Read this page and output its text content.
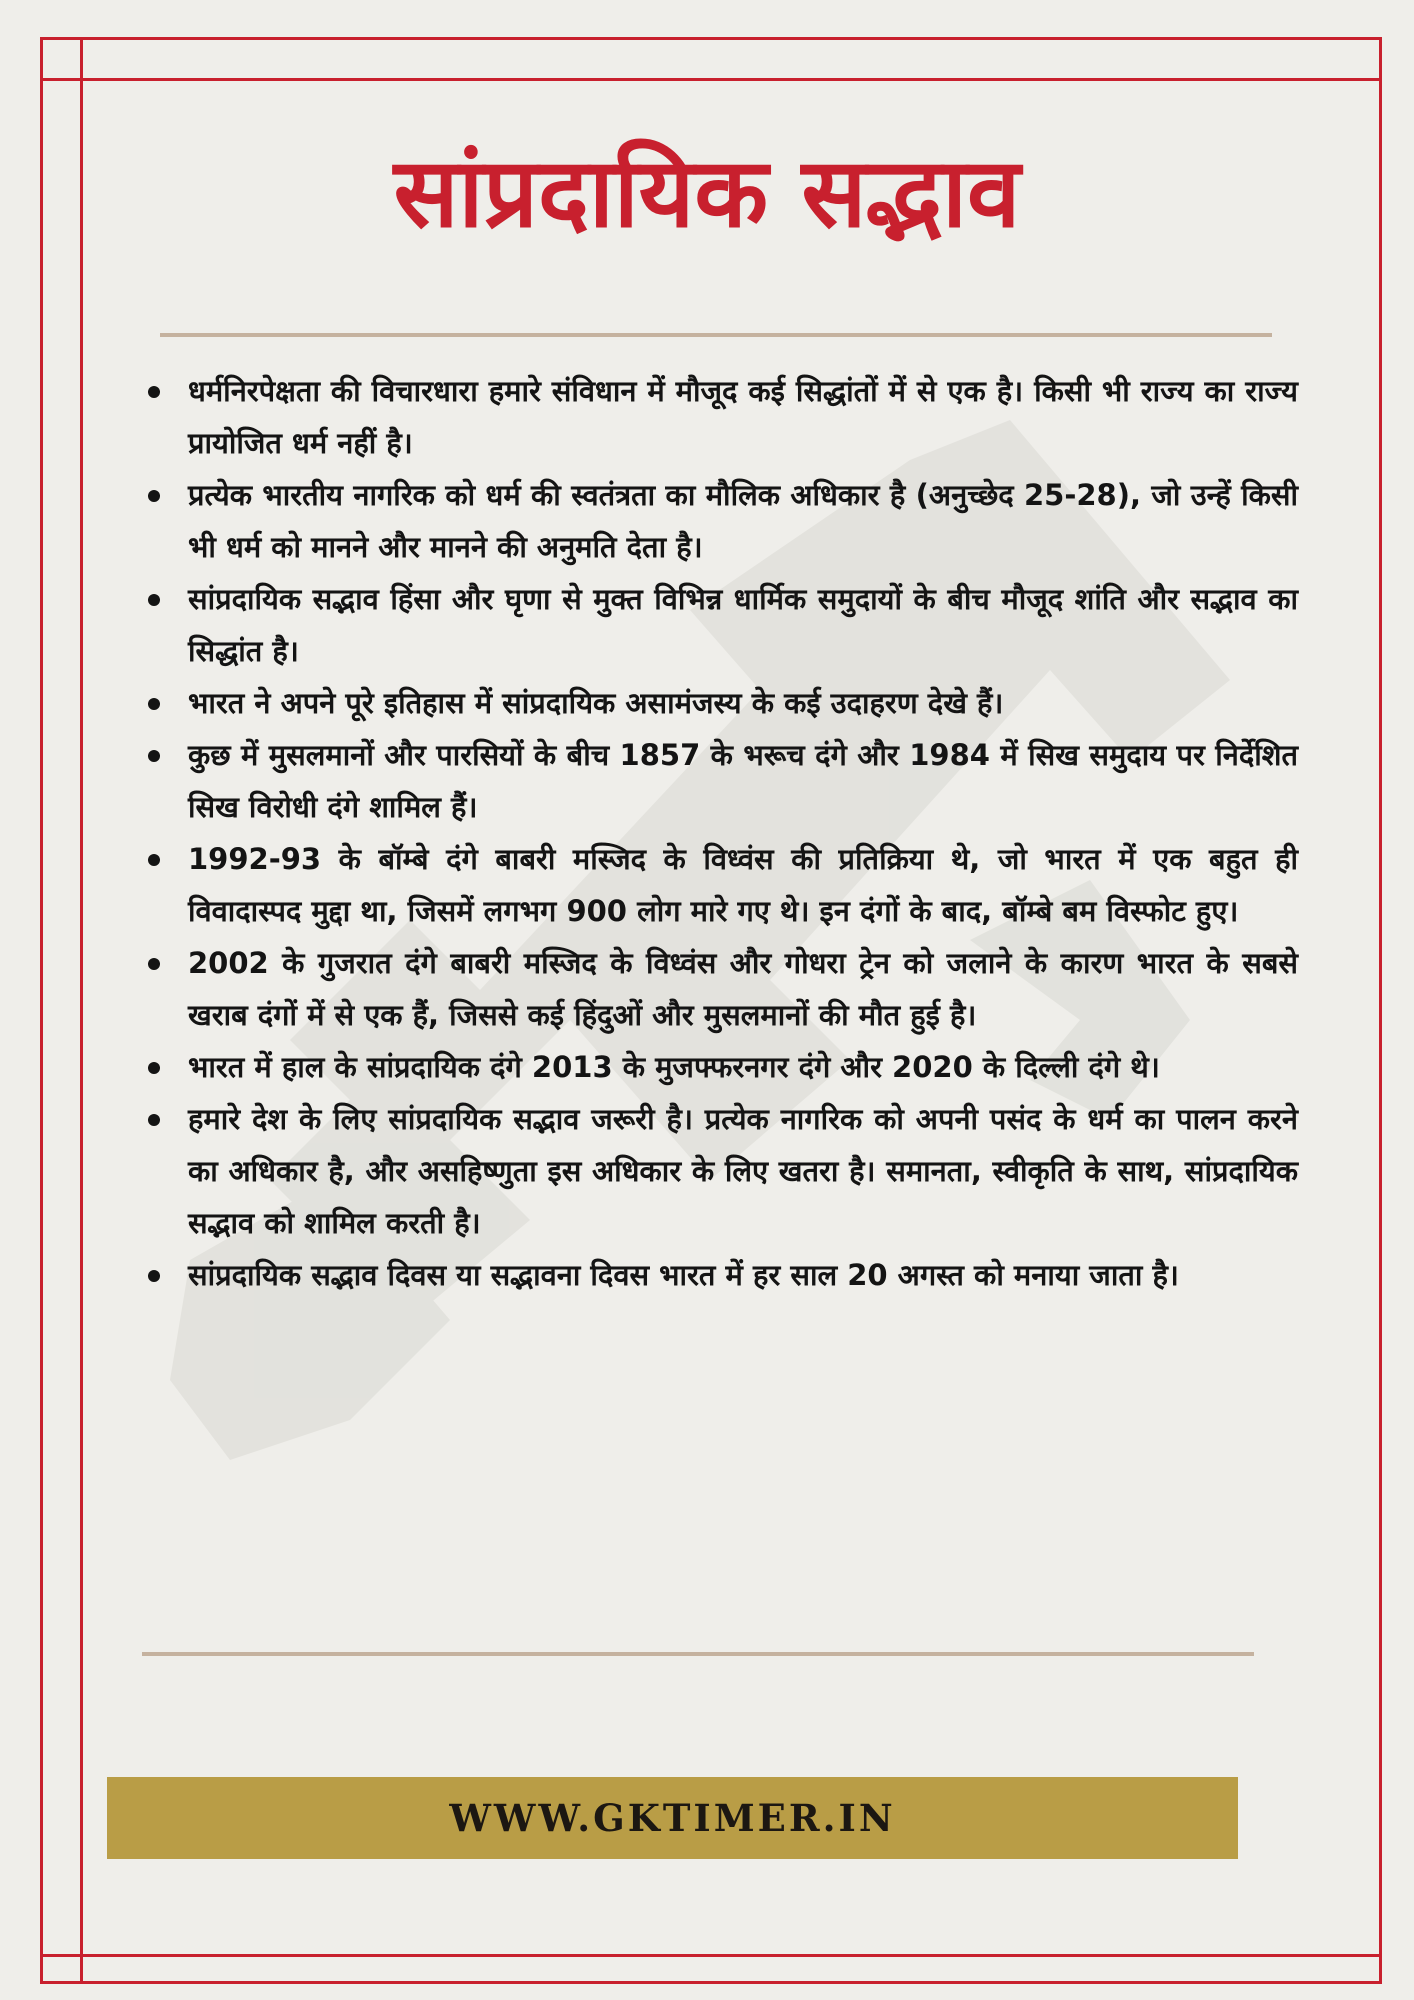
सांप्रदायिक सद्भाव
धर्मनिरपेक्षता की विचारधारा हमारे संविधान में मौजूद कई सिद्धांतों में से एक है। किसी भी राज्य का राज्य प्रायोजित धर्म नहीं है।
प्रत्येक भारतीय नागरिक को धर्म की स्वतंत्रता का मौलिक अधिकार है (अनुच्छेद 25-28), जो उन्हें किसी भी धर्म को मानने और मानने की अनुमति देता है।
सांप्रदायिक सद्भाव हिंसा और घृणा से मुक्त विभिन्न धार्मिक समुदायों के बीच मौजूद शांति और सद्भाव का सिद्धांत है।
भारत ने अपने पूरे इतिहास में सांप्रदायिक असामंजस्य के कई उदाहरण देखे हैं।
कुछ में मुसलमानों और पारसियों के बीच 1857 के भरूच दंगे और 1984 में सिख समुदाय पर निर्देशित सिख विरोधी दंगे शामिल हैं।
1992-93 के बॉम्बे दंगे बाबरी मस्जिद के विध्वंस की प्रतिक्रिया थे, जो भारत में एक बहुत ही विवादास्पद मुद्दा था, जिसमें लगभग 900 लोग मारे गए थे। इन दंगों के बाद, बॉम्बे बम विस्फोट हुए।
2002 के गुजरात दंगे बाबरी मस्जिद के विध्वंस और गोधरा ट्रेन को जलाने के कारण भारत के सबसे खराब दंगों में से एक हैं, जिससे कई हिंदुओं और मुसलमानों की मौत हुई है।
भारत में हाल के सांप्रदायिक दंगे 2013 के मुजफ्फरनगर दंगे और 2020 के दिल्ली दंगे थे।
हमारे देश के लिए सांप्रदायिक सद्भाव जरूरी है। प्रत्येक नागरिक को अपनी पसंद के धर्म का पालन करने का अधिकार है, और असहिष्णुता इस अधिकार के लिए खतरा है। समानता, स्वीकृति के साथ, सांप्रदायिक सद्भाव को शामिल करती है।
सांप्रदायिक सद्भाव दिवस या सद्भावना दिवस भारत में हर साल 20 अगस्त को मनाया जाता है।
WWW.GKTIMER.IN
